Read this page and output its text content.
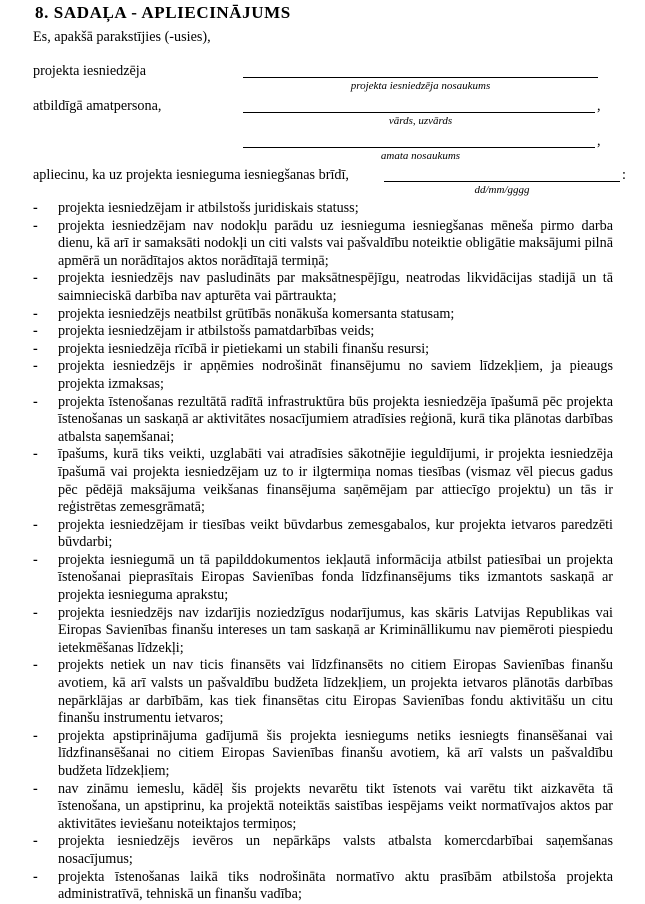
8. SADAĻA - APLIECINĀJUMS
Es, apakšā parakstījies (-usies),
projekta iesniedzēja
projekta iesniedzēja nosaukums
atbildīgā amatpersona,	,
vārds, uzvārds
,
amata nosaukums
apliecinu, ka uz projekta iesnieguma iesniegšanas brīdī,	:
dd/mm/gggg
- projekta iesniedzējam ir atbilstošs juridiskais statuss;
- projekta iesniedzējam nav nodokļu parādu uz iesnieguma iesniegšanas mēneša pirmo darba dienu, kā arī ir samaksāti nodokļi un citi valsts vai pašvaldību noteiktie obligātie maksājumi pilnā apmērā un norādītajos aktos norādītajā termiņā;
- projekta iesniedzējs nav pasludināts par maksātnespējīgu, neatrodas likvidācijas stadijā un tā saimnieciskā darbība nav apturēta vai pārtraukta;
- projekta iesniedzējs neatbilst grūtībās nonākuša komersanta statusam;
- projekta iesniedzējam ir atbilstošs pamatdarbības veids;
- projekta iesniedzēja rīcībā ir pietiekami un stabili finanšu resursi;
- projekta iesniedzējs ir apņēmies nodrošināt finansējumu no saviem līdzekļiem, ja pieaugs projekta izmaksas;
- projekta īstenošanas rezultātā radītā infrastruktūra būs projekta iesniedzēja īpašumā pēc projekta īstenošanas un saskaņā ar aktivitātes nosacījumiem atradīsies reģionā, kurā tika plānotas darbības atbalsta saņemšanai;
- īpašums, kurā tiks veikti, uzglabāti vai atradīsies sākotnējie ieguldījumi, ir projekta iesniedzēja īpašumā vai projekta iesniedzējam uz to ir ilgtermiņa nomas tiesības (vismaz vēl piecus gadus pēc pēdējā maksājuma veikšanas finansējuma saņēmējam par attiecīgo projektu) un tās ir reģistrētas zemesgrāmatā;
- projekta iesniedzējam ir tiesības veikt būvdarbus zemesgabalos, kur projekta ietvaros paredzēti būvdarbi;
- projekta iesniegumā un tā papilddokumentos iekļautā informācija atbilst patiesībai un projekta īstenošanai pieprasītais Eiropas Savienības fonda līdzfinansējums tiks izmantots saskaņā ar projekta iesnieguma aprakstu;
- projekta iesniedzējs nav izdarījis noziedzīgus nodarījumus, kas skāris Latvijas Republikas vai Eiropas Savienības finanšu intereses un tam saskaņā ar Krimināllikumu nav piemēroti piespiedu ietekmēšanas līdzekļi;
- projekts netiek un nav ticis finansēts vai līdzfinansēts no citiem Eiropas Savienības finanšu avotiem, kā arī valsts un pašvaldību budžeta līdzekļiem, un projekta ietvaros plānotās darbības nepārklājas ar darbībām, kas tiek finansētas citu Eiropas Savienības fondu aktivitāšu un citu finanšu instrumentu ietvaros;
- projekta apstiprinājuma gadījumā šis projekta iesniegums netiks iesniegts finansēšanai vai līdzfinansēšanai no citiem Eiropas Savienības finanšu avotiem, kā arī valsts un pašvaldību budžeta līdzekļiem;
- nav zināmu iemeslu, kādēļ šis projekts nevarētu tikt īstenots vai varētu tikt aizkavēta tā īstenošana, un apstiprinu, ka projektā noteiktās saistības iespējams veikt normatīvajos aktos par aktivitātes ieviešanu noteiktajos termiņos;
- projekta iesniedzējs ievēros un nepārkāps valsts atbalsta komercdarbībai saņemšanas nosacījumus;
- projekta īstenošanas laikā tiks nodrošināta normatīvo aktu prasībām atbilstoša projekta administratīvā, tehniskā un finanšu vadība;
